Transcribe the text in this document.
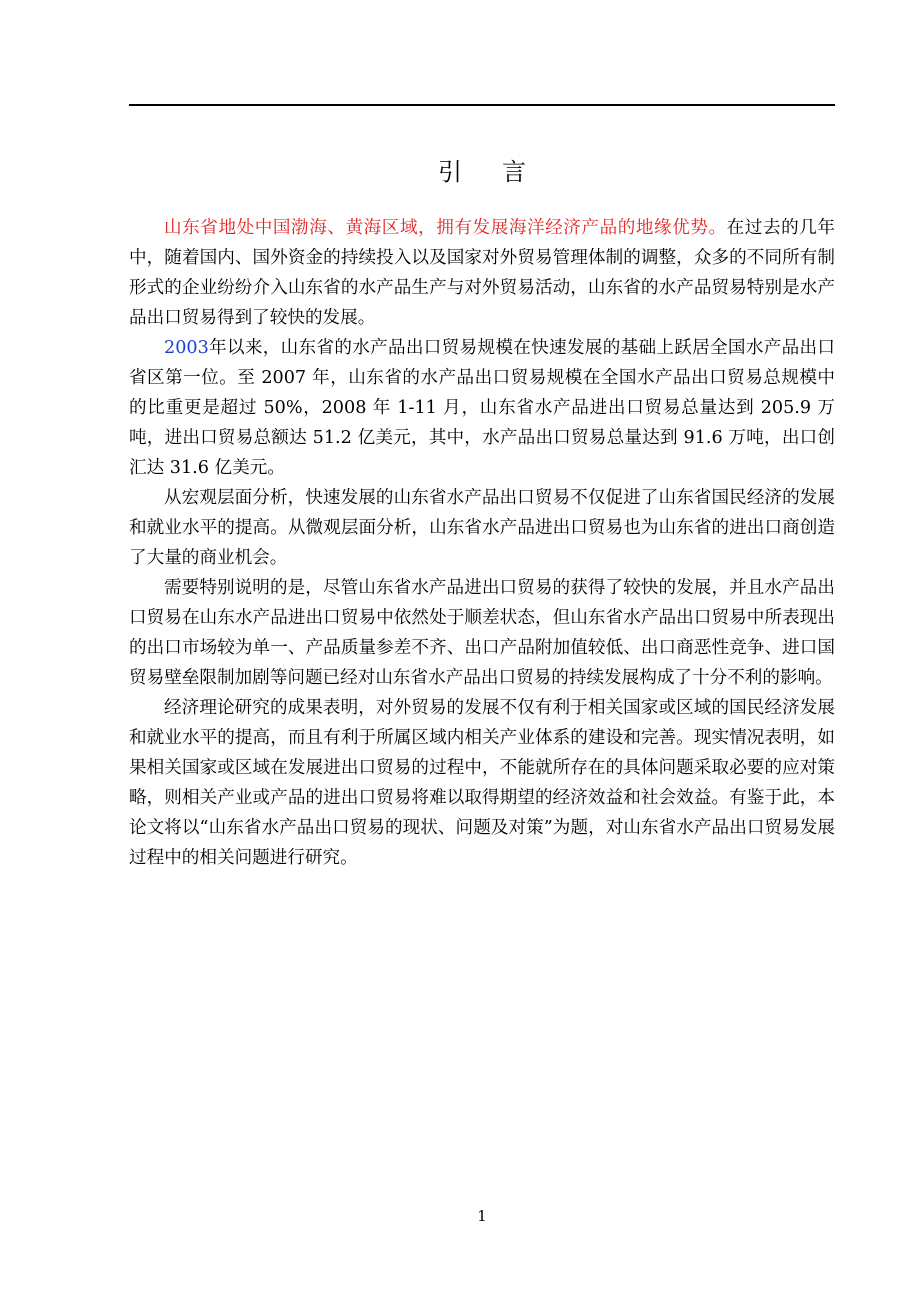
引言

山东省地处中国渤海、黄海区域，拥有发展海洋经济产品的地缘优势。在过去的几年中，随着国内、国外资金的持续投入以及国家对外贸易管理体制的调整，众多的不同所有制形式的企业纷纷介入山东省的水产品生产与对外贸易活动，山东省的水产品贸易特别是水产品出口贸易得到了较快的发展。

2003年以来，山东省的水产品出口贸易规模在快速发展的基础上跃居全国水产品出口省区第一位。至 2007 年，山东省的水产品出口贸易规模在全国水产品出口贸易总规模中的比重更是超过 50%，2008 年 1-11 月，山东省水产品进出口贸易总量达到 205.9 万吨，进出口贸易总额达 51.2 亿美元，其中，水产品出口贸易总量达到 91.6 万吨，出口创汇达 31.6 亿美元。

从宏观层面分析，快速发展的山东省水产品出口贸易不仅促进了山东省国民经济的发展和就业水平的提高。从微观层面分析，山东省水产品进出口贸易也为山东省的进出口商创造了大量的商业机会。

需要特别说明的是，尽管山东省水产品进出口贸易的获得了较快的发展，并且水产品出口贸易在山东水产品进出口贸易中依然处于顺差状态，但山东省水产品出口贸易中所表现出的出口市场较为单一、产品质量参差不齐、出口产品附加值较低、出口商恶性竞争、进口国贸易壁垒限制加剧等问题已经对山东省水产品出口贸易的持续发展构成了十分不利的影响。

经济理论研究的成果表明，对外贸易的发展不仅有利于相关国家或区域的国民经济发展和就业水平的提高，而且有利于所属区域内相关产业体系的建设和完善。现实情况表明，如果相关国家或区域在发展进出口贸易的过程中，不能就所存在的具体问题采取必要的应对策略，则相关产业或产品的进出口贸易将难以取得期望的经济效益和社会效益。有鉴于此，本论文将以“山东省水产品出口贸易的现状、问题及对策”为题，对山东省水产品出口贸易发展过程中的相关问题进行研究。

1
